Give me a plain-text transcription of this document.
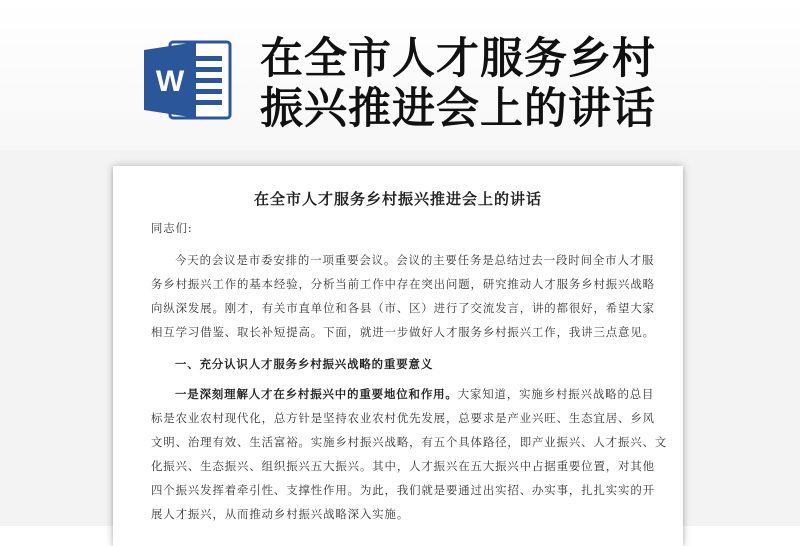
W 在全市人才服务乡村
振兴推进会上的讲话
在全市人才服务乡村振兴推进会上的讲话
同志们:
今天的会议是市委安排的一项重要会议。会议的主要任务是总结过去一段时间全市人才服
务乡村振兴工作的基本经验，分析当前工作中存在突出问题，研究推动人才服务乡村振兴战略
向纵深发展。刚才，有关市直单位和各县（市、区）进行了交流发言，讲的都很好，希望大家
相互学习借鉴、取长补短提高。下面，就进一步做好人才服务乡村振兴工作，我讲三点意见。
一、充分认识人才服务乡村振兴战略的重要意义
一是深刻理解人才在乡村振兴中的重要地位和作用。大家知道，实施乡村振兴战略的总目
标是农业农村现代化，总方针是坚持农业农村优先发展，总要求是产业兴旺、生态宜居、乡风
文明、治理有效、生活富裕。实施乡村振兴战略，有五个具体路径，即产业振兴、人才振兴、文
化振兴、生态振兴、组织振兴五大振兴。其中，人才振兴在五大振兴中占据重要位置，对其他
四个振兴发挥着牵引性、支撑性作用。为此，我们就是要通过出实招、办实事，扎扎实实的开
展人才振兴，从而推动乡村振兴战略深入实施。
